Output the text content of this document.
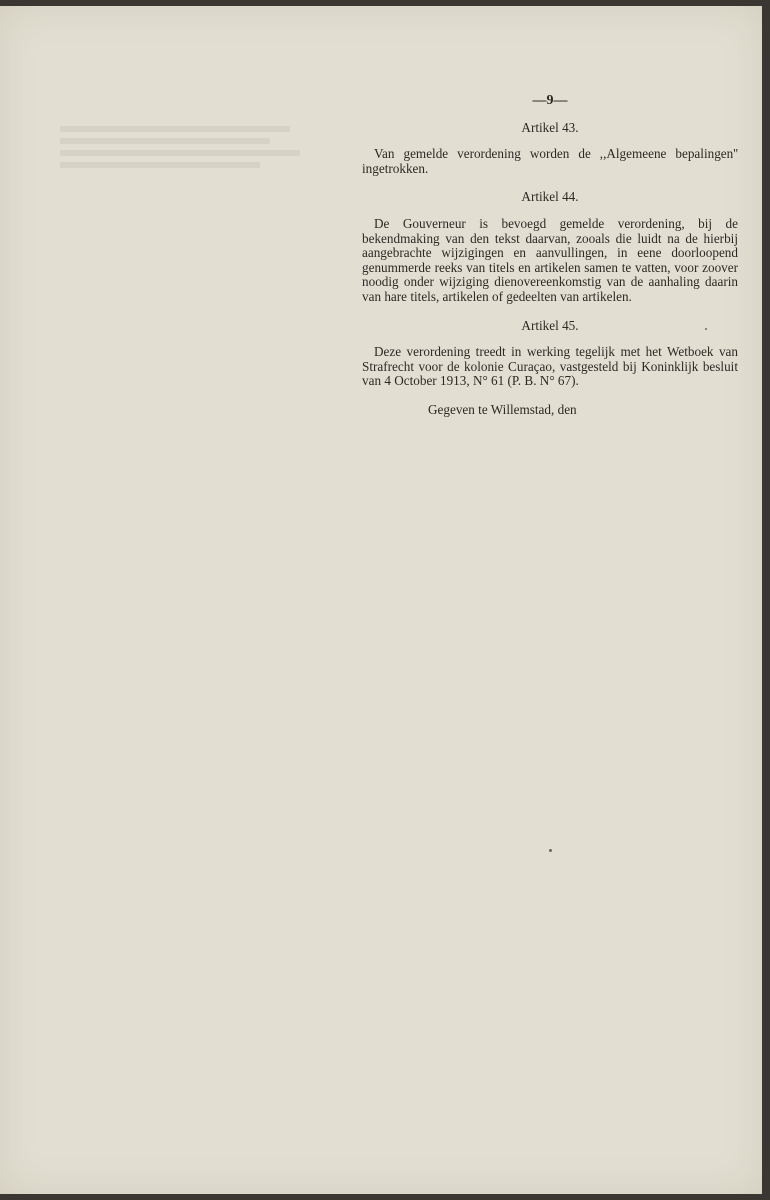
—9—
Artikel 43.

Van gemelde verordening worden de ,,Algemeene bepalingen'' ingetrokken.

Artikel 44.

De Gouverneur is bevoegd gemelde verordening, bij de bekendmaking van den tekst daarvan, zooals die luidt na de hierbij aangebrachte wijzigingen en aanvullingen, in eene doorloopend genummerde reeks van titels en artikelen samen te vatten, voor zoover noodig onder wijziging dienovereenkomstig van de aanhaling daarin van hare titels, artikelen of gedeelten van artikelen.

Artikel 45.

Deze verordening treedt in werking tegelijk met het Wetboek van Strafrecht voor de kolonie Curaçao, vastgesteld bij Koninklijk besluit van 4 October 1913, N° 61 (P. B. N° 67).

Gegeven te Willemstad, den
